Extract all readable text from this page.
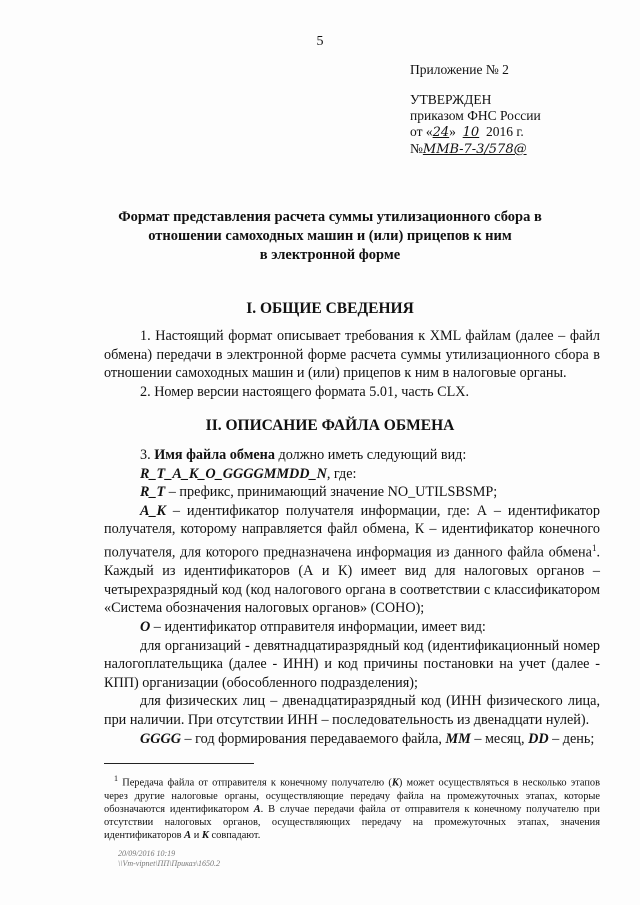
5
Приложение № 2
УТВЕРЖДЕН
приказом ФНС России
от «24» 10 2016 г.
№ММВ-7-3/578@
Формат представления расчета суммы утилизационного сбора в
отношении самоходных машин и (или) прицепов к ним
в электронной форме
I. ОБЩИЕ СВЕДЕНИЯ

1. Настоящий формат описывает требования к XML файлам (далее – файл обмена) передачи в электронной форме расчета суммы утилизационного сбора в отношении самоходных машин и (или) прицепов к ним в налоговые органы.

2. Номер версии настоящего формата 5.01, часть CLX.

II. ОПИСАНИЕ ФАЙЛА ОБМЕНА

3. Имя файла обмена должно иметь следующий вид:

R_T_A_K_O_GGGGMMDD_N, где:

R_T – префикс, принимающий значение NO_UTILSBSMP;

A_K – идентификатор получателя информации, где: А – идентификатор получателя, которому направляется файл обмена, К – идентификатор конечного получателя, для которого предназначена информация из данного файла обмена$^1$. Каждый из идентификаторов (А и К) имеет вид для налоговых органов – четырехразрядный код (код налогового органа в соответствии с классификатором «Система обозначения налоговых органов» (СОНО);

O – идентификатор отправителя информации, имеет вид:

для организаций - девятнадцатиразрядный код (идентификационный номер налогоплательщика (далее - ИНН) и код причины постановки на учет (далее - КПП) организации (обособленного подразделения);

для физических лиц – двенадцатиразрядный код (ИНН физического лица, при наличии. При отсутствии ИНН – последовательность из двенадцати нулей).

GGGG – год формирования передаваемого файла, MM – месяц, DD – день;

$^1$ Передача файла от отправителя к конечному получателю (К) может осуществляться в несколько этапов через другие налоговые органы, осуществляющие передачу файла на промежуточных этапах, которые обозначаются идентификатором А. В случае передачи файла от отправителя к конечному получателю при отсутствии налоговых органов, осуществляющих передачу на промежуточных этапах, значения идентификаторов А и К совпадают.

20/09/2016 10:19
\\Vm-vipnet\ПП\Приказ\1650.2
